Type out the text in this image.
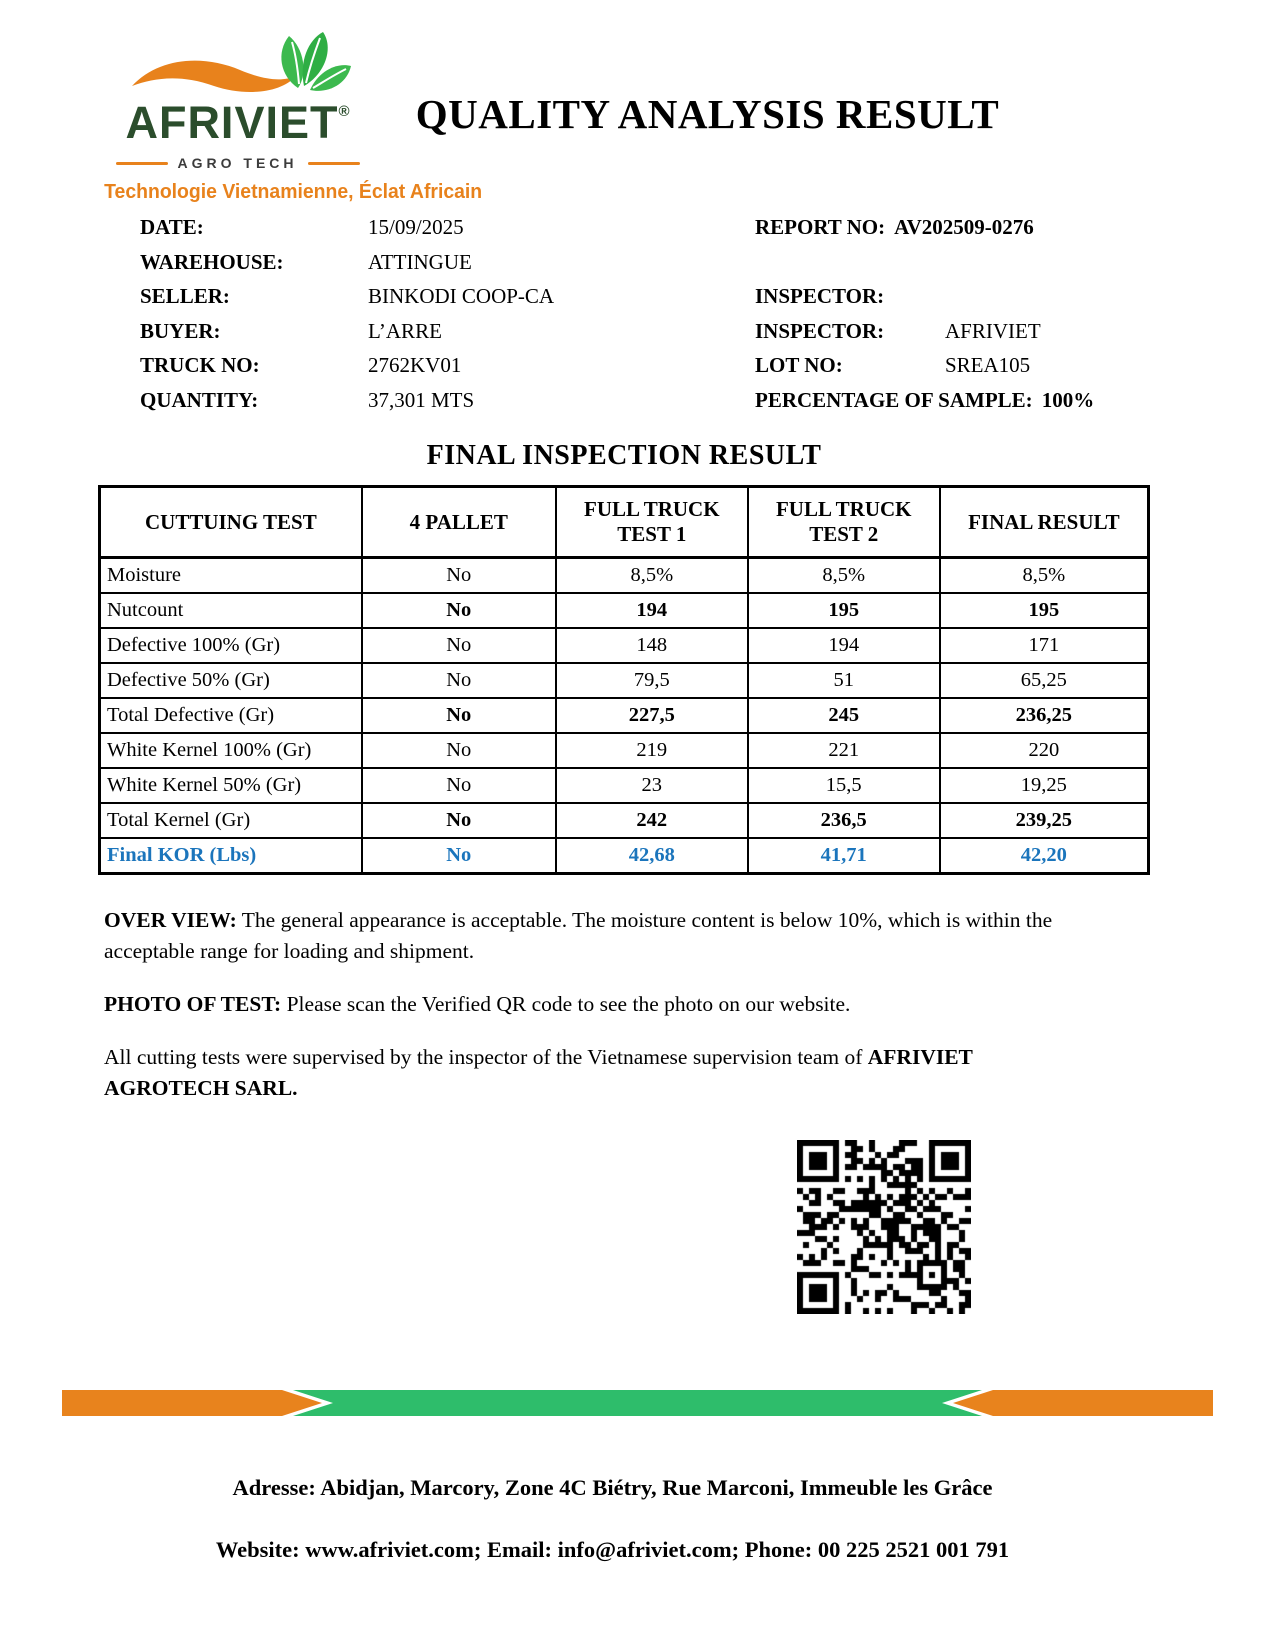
AFRIVIET®
AGRO TECH
Technologie Vietnamienne, Éclat Africain
QUALITY ANALYSIS RESULT
DATE:	15/09/2025
WAREHOUSE:	ATTINGUE
SELLER:	BINKODI COOP-CA
BUYER:	L’ARRE
TRUCK NO:	2762KV01
QUANTITY:	37,301 MTS
REPORT NO: AV202509-0276
INSPECTOR:
INSPECTOR:	AFRIVIET
LOT NO:	SREA105
PERCENTAGE OF SAMPLE: 100%
FINAL INSPECTION RESULT
CUTTUING TEST	4 PALLET	FULL TRUCK TEST 1	FULL TRUCK TEST 2	FINAL RESULT
Moisture	No	8,5%	8,5%	8,5%
Nutcount	No	194	195	195
Defective 100% (Gr)	No	148	194	171
Defective 50% (Gr)	No	79,5	51	65,25
Total Defective (Gr)	No	227,5	245	236,25
White Kernel 100% (Gr)	No	219	221	220
White Kernel 50% (Gr)	No	23	15,5	19,25
Total Kernel (Gr)	No	242	236,5	239,25
Final KOR (Lbs)	No	42,68	41,71	42,20

OVER VIEW: The general appearance is acceptable. The moisture content is below 10%, which is within the acceptable range for loading and shipment.

PHOTO OF TEST: Please scan the Verified QR code to see the photo on our website.

All cutting tests were supervised by the inspector of the Vietnamese supervision team of AFRIVIET AGROTECH SARL.

Adresse: Abidjan, Marcory, Zone 4C Biétry, Rue Marconi, Immeuble les Grâce
Website: www.afriviet.com; Email: info@afriviet.com; Phone: 00 225 2521 001 791
